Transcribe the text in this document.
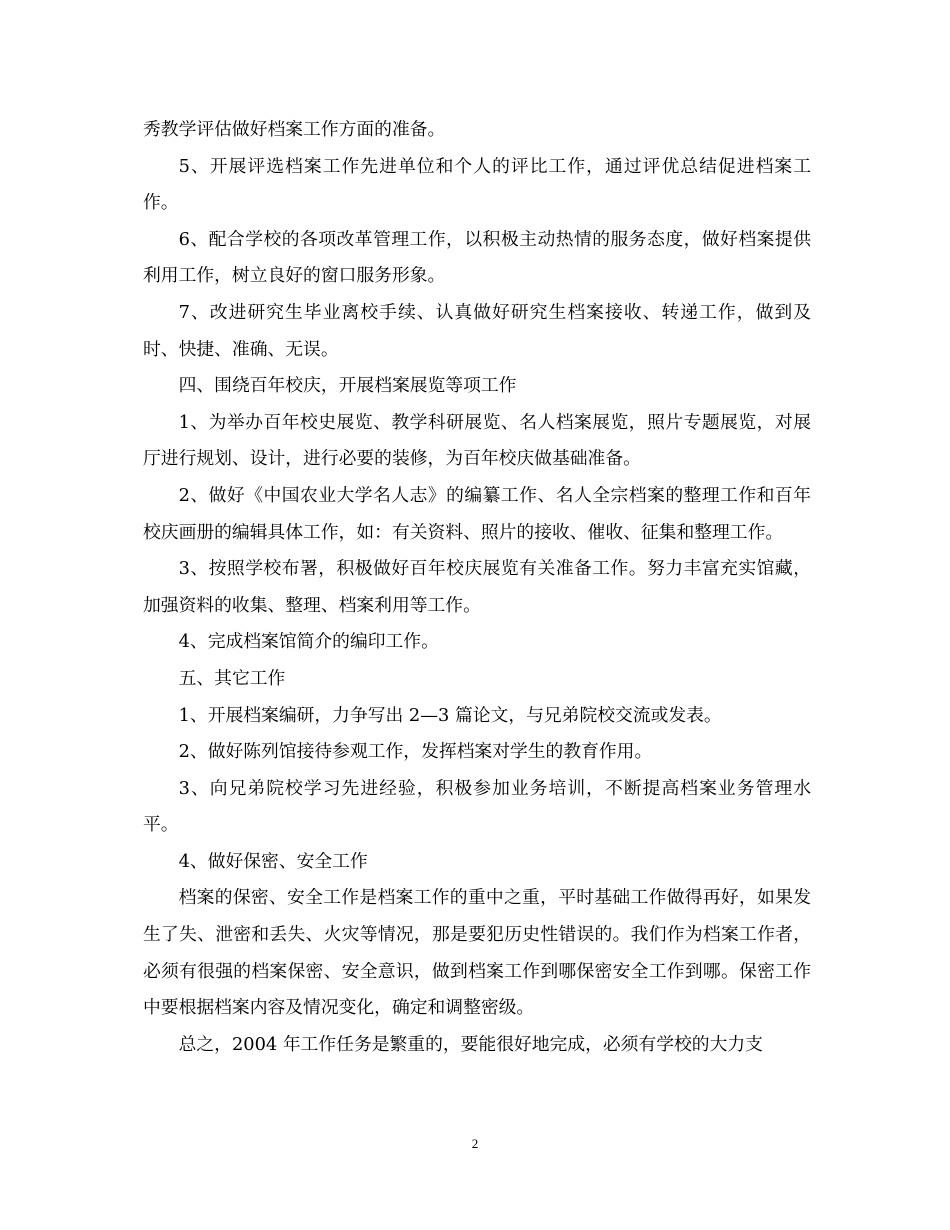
秀教学评估做好档案工作方面的准备。

5、开展评选档案工作先进单位和个人的评比工作，通过评优总结促进档案工作。

6、配合学校的各项改革管理工作，以积极主动热情的服务态度，做好档案提供利用工作，树立良好的窗口服务形象。

7、改进研究生毕业离校手续、认真做好研究生档案接收、转递工作，做到及时、快捷、准确、无误。

四、围绕百年校庆，开展档案展览等项工作

1、为举办百年校史展览、教学科研展览、名人档案展览，照片专题展览，对展厅进行规划、设计，进行必要的装修，为百年校庆做基础准备。

2、做好《中国农业大学名人志》的编纂工作、名人全宗档案的整理工作和百年校庆画册的编辑具体工作，如：有关资料、照片的接收、催收、征集和整理工作。

3、按照学校布署，积极做好百年校庆展览有关准备工作。努力丰富充实馆藏，加强资料的收集、整理、档案利用等工作。

4、完成档案馆简介的编印工作。

五、其它工作

1、开展档案编研，力争写出 2—3 篇论文，与兄弟院校交流或发表。

2、做好陈列馆接待参观工作，发挥档案对学生的教育作用。

3、向兄弟院校学习先进经验，积极参加业务培训，不断提高档案业务管理水平。

4、做好保密、安全工作

档案的保密、安全工作是档案工作的重中之重，平时基础工作做得再好，如果发生了失、泄密和丢失、火灾等情况，那是要犯历史性错误的。我们作为档案工作者，必须有很强的档案保密、安全意识，做到档案工作到哪保密安全工作到哪。保密工作中要根据档案内容及情况变化，确定和调整密级。

总之，2004 年工作任务是繁重的，要能很好地完成，必须有学校的大力支

2
